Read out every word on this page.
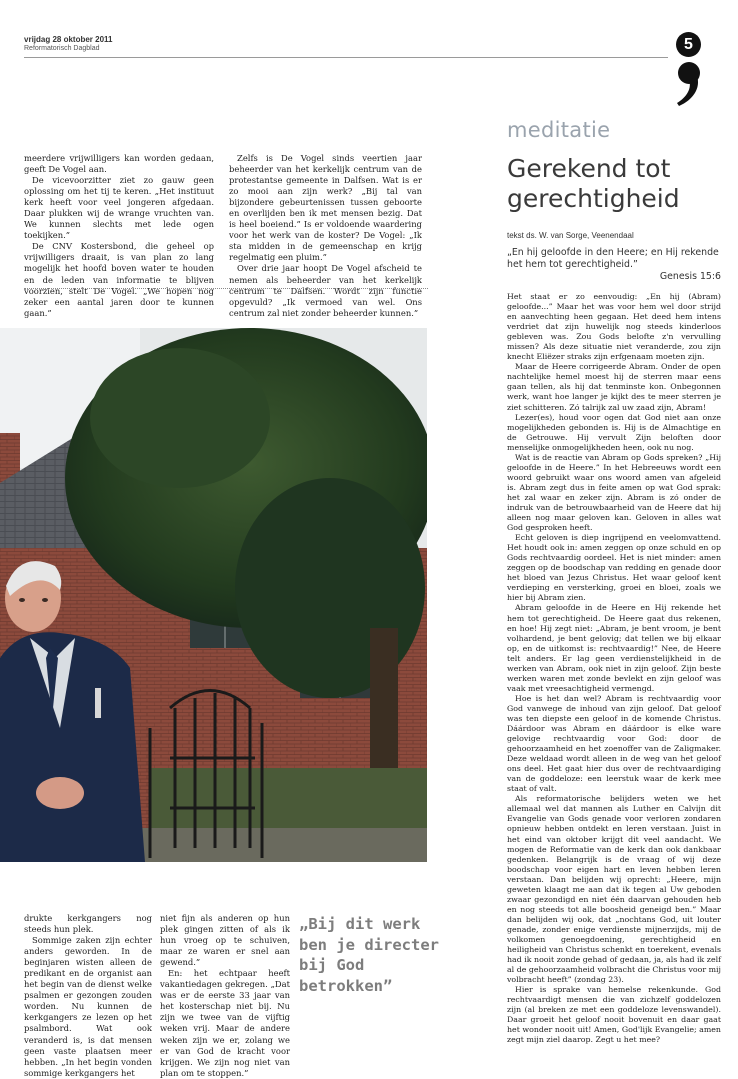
vrijdag 28 oktober 2011
Reformatorisch Dagblad	5

meerdere vrijwilligers kan worden gedaan, geeft De Vogel aan.

De vicevoorzitter ziet zo gauw geen oplossing om het tij te keren. „Het instituut kerk heeft voor veel jongeren afgedaan. Daar plukken wij de wrange vruchten van. We kunnen slechts met lede ogen toekijken.”

De CNV Kostersbond, die geheel op vrijwilligers draait, is van plan zo lang mogelijk het hoofd boven water te houden en de leden van informatie te blijven voorzien, stelt De Vogel. „We hopen nog zeker een aantal jaren door te kunnen gaan.”

Zelfs is De Vogel sinds veertien jaar beheerder van het kerkelijk centrum van de protestantse gemeente in Dalfsen. Wat is er zo mooi aan zijn werk? „Bij tal van bijzondere gebeurtenissen tussen geboorte en overlijden ben ik met mensen bezig. Dat is heel boeiend.” Is er voldoende waardering voor het werk van de koster? De Vogel: „Ik sta midden in de gemeenschap en krijg regelmatig een pluim.”

Over drie jaar hoopt De Vogel afscheid te nemen als beheerder van het kerkelijk centrum te Dalfsen. Wordt zijn functie opgevuld? „Ik vermoed van wel. Ons centrum zal niet zonder beheerder kunnen.”

drukte kerkgangers nog steeds hun plek.

Sommige zaken zijn echter anders geworden. In de beginjaren wisten alleen de predikant en de organist aan het begin van de dienst welke psalmen er gezongen zouden worden. Nu kunnen de kerkgangers ze lezen op het psalmbord. Wat ook veranderd is, is dat mensen geen vaste plaatsen meer hebben. „In het begin vonden sommige kerkgangers het

niet fijn als anderen op hun plek gingen zitten of als ik hun vroeg op te schuiven, maar ze waren er snel aan gewend.”

En: het echtpaar heeft vakantiedagen gekregen. „Dat was er de eerste 33 jaar van het kosterschap niet bij. Nu zijn we twee van de vijftig weken vrij. Maar de andere weken zijn we er, zolang we er van God de kracht voor krijgen. We zijn nog niet van plan om te stoppen.”

„Bij dit werk ben je directer bij God betrokken”
meditatie
Gerekend tot gerechtigheid
tekst ds. W. van Sorge, Veenendaal
„En hij geloofde in den Heere; en Hij rekende het hem tot gerechtigheid.”
Genesis 15:6

Het staat er zo eenvoudig: „En hij (Abram) geloofde...” Maar het was voor hem wel door strijd en aanvechting heen gegaan. Het deed hem intens verdriet dat zijn huwelijk nog steeds kinderloos gebleven was. Zou Gods belofte z'n vervulling missen? Als deze situatie niet veranderde, zou zijn knecht Eliëzer straks zijn erfgenaam moeten zijn.

Maar de Heere corrigeerde Abram. Onder de open nachtelijke hemel moest hij de sterren maar eens gaan tellen, als hij dat tenminste kon. Onbegonnen werk, want hoe langer je kijkt des te meer sterren je ziet schitteren. Zó talrijk zal uw zaad zijn, Abram!

Lezer(es), houd voor ogen dat God niet aan onze mogelijkheden gebonden is. Hij is de Almachtige en de Getrouwe. Hij vervult Zijn beloften door menselijke onmogelijkheden heen, ook nu nog.

Wat is de reactie van Abram op Gods spreken? „Hij geloofde in de Heere.” In het Hebreeuws wordt een woord gebruikt waar ons woord amen van afgeleid is. Abram zegt dus in feite amen op wat God sprak: het zal waar en zeker zijn. Abram is zó onder de indruk van de betrouwbaarheid van de Heere dat hij alleen nog maar geloven kan. Geloven in alles wat God gesproken heeft.

Echt geloven is diep ingrijpend en veelomvattend. Het houdt ook in: amen zeggen op onze schuld en op Gods rechtvaardig oordeel. Het is niet minder: amen zeggen op de boodschap van redding en genade door het bloed van Jezus Christus. Het waar geloof kent verdieping en versterking, groei en bloei, zoals we hier bij Abram zien.

Abram geloofde in de Heere en Hij rekende het hem tot gerechtigheid. De Heere gaat dus rekenen, en hoe! Hij zegt niet: „Abram, je bent vroom, je bent volhardend, je bent gelovig; dat tellen we bij elkaar op, en de uitkomst is: rechtvaardig!” Nee, de Heere telt anders. Er lag geen verdienstelijkheid in de werken van Abram, ook niet in zijn geloof. Zijn beste werken waren met zonde bevlekt en zijn geloof was vaak met vreesachtigheid vermengd.

Hoe is het dan wel? Abram is rechtvaardig voor God vanwege de inhoud van zijn geloof. Dat geloof was ten diepste een geloof in de komende Christus. Dáárdoor was Abram en dáárdoor is elke ware gelovige rechtvaardig voor God: door de gehoorzaamheid en het zoenoffer van de Zaligmaker. Deze weldaad wordt alleen in de weg van het geloof ons deel. Het gaat hier dus over de rechtvaardiging van de goddeloze: een leerstuk waar de kerk mee staat of valt.

Als reformatorische belijders weten we het allemaal wel dat mannen als Luther en Calvijn dit Evangelie van Gods genade voor verloren zondaren opnieuw hebben ontdekt en leren verstaan. Juist in het eind van oktober krijgt dit veel aandacht. We mogen de Reformatie van de kerk dan ook dankbaar gedenken. Belangrijk is de vraag of wij deze boodschap voor eigen hart en leven hebben leren verstaan. Dan belijden wij oprecht: „Heere, mijn geweten klaagt me aan dat ik tegen al Uw geboden zwaar gezondigd en niet één daarvan gehouden heb en nog steeds tot alle boosheid geneigd ben.” Maar dan belijden wij ook, dat „nochtans God, uit louter genade, zonder enige verdienste mijnerzijds, mij de volkomen genoegdoening, gerechtigheid en heiligheid van Christus schenkt en toerekent, evenals had ik nooit zonde gehad of gedaan, ja, als had ik zelf al de gehoorzaamheid volbracht die Christus voor mij volbracht heeft” (zondag 23).

Hier is sprake van hemelse rekenkunde. God rechtvaardigt mensen die van zichzelf goddelozen zijn (al breken ze met een goddeloze levenswandel). Daar groeit het geloof nooit bovenuit en daar gaat het wonder nooit uit! Amen, God'lijk Evangelie; amen zegt mijn ziel daarop. Zegt u het mee?
